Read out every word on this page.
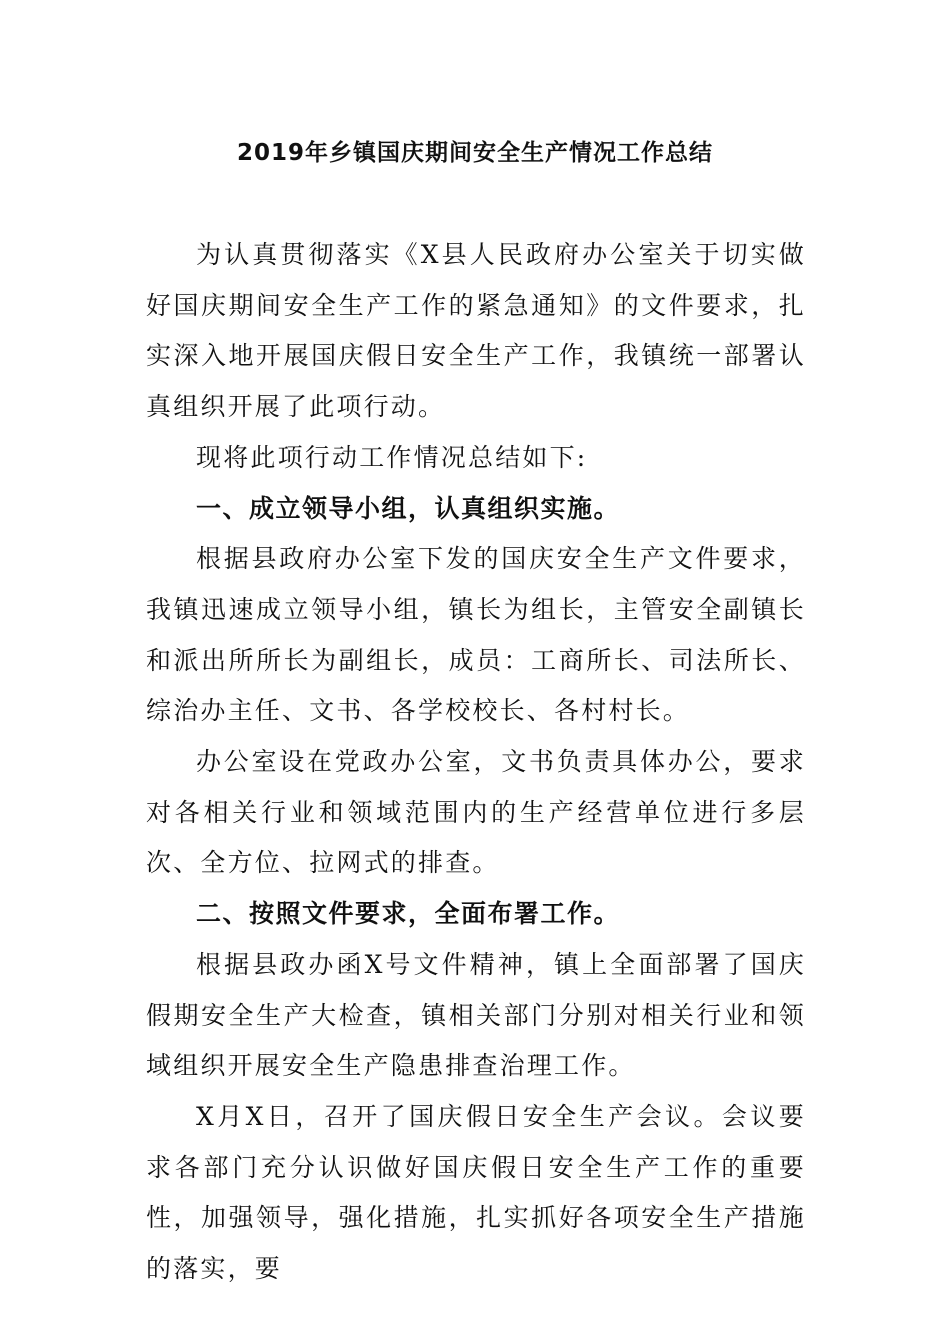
2019年乡镇国庆期间安全生产情况工作总结

为认真贯彻落实《X县人民政府办公室关于切实做好国庆期间安全生产工作的紧急通知》的文件要求，扎实深入地开展国庆假日安全生产工作，我镇统一部署认真组织开展了此项行动。

现将此项行动工作情况总结如下:

一、成立领导小组，认真组织实施。

根据县政府办公室下发的国庆安全生产文件要求，我镇迅速成立领导小组，镇长为组长，主管安全副镇长和派出所所长为副组长，成员：工商所长、司法所长、综治办主任、文书、各学校校长、各村村长。

办公室设在党政办公室，文书负责具体办公，要求对各相关行业和领域范围内的生产经营单位进行多层次、全方位、拉网式的排查。

二、按照文件要求，全面布署工作。

根据县政办函X号文件精神，镇上全面部署了国庆假期安全生产大检查，镇相关部门分别对相关行业和领域组织开展安全生产隐患排查治理工作。

X月X日，召开了国庆假日安全生产会议。会议要求各部门充分认识做好国庆假日安全生产工作的重要性，加强领导，强化措施，扎实抓好各项安全生产措施的落实，要
